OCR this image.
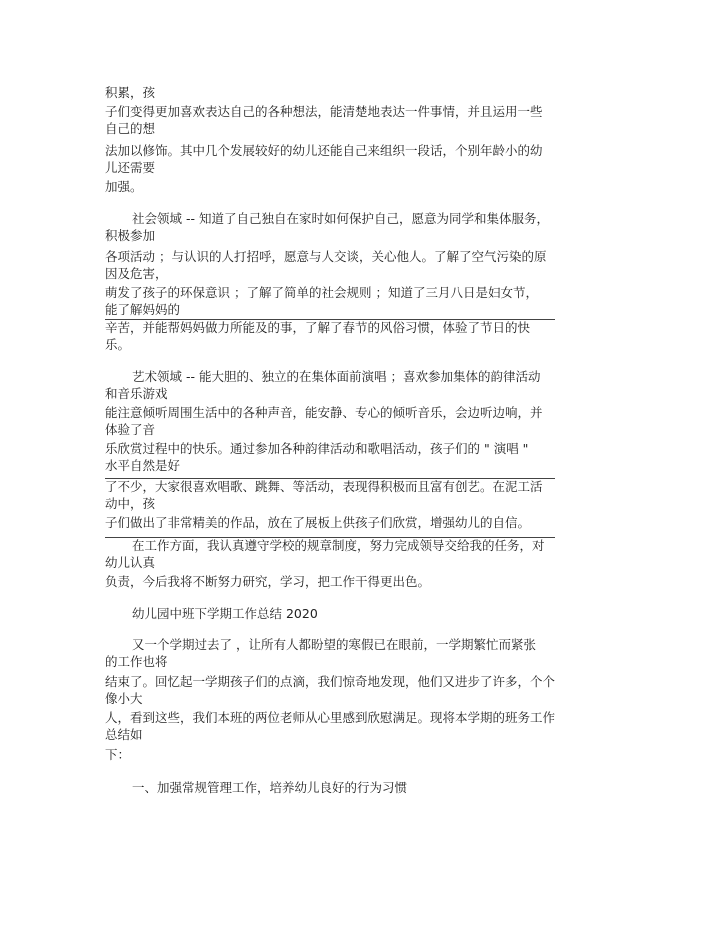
积累，孩
子们变得更加喜欢表达自己的各种想法，能清楚地表达一件事情，并且运用一些
自己的想
法加以修饰。其中几个发展较好的幼儿还能自己来组织一段话，个别年龄小的幼
儿还需要
加强。
社会领域 -- 知道了自己独自在家时如何保护自己，愿意为同学和集体服务，
积极参加
各项活动 ；与认识的人打招呼，愿意与人交谈，关心他人。了解了空气污染的原
因及危害，
萌发了孩子的环保意识 ；了解了简单的社会规则 ；知道了三月八日是妇女节，
能了解妈妈的
辛苦，并能帮妈妈做力所能及的事，了解了春节的风俗习惯，体验了节日的快
乐。
艺术领域 -- 能大胆的、独立的在集体面前演唱 ；喜欢参加集体的韵律活动
和音乐游戏
能注意倾听周围生活中的各种声音，能安静、专心的倾听音乐，会边听边响，并
体验了音
乐欣赏过程中的快乐。通过参加各种韵律活动和歌唱活动，孩子们的 " 演唱 "
水平自然是好
了不少，大家很喜欢唱歌、跳舞、等活动，表现得积极而且富有创艺。在泥工活
动中，孩
子们做出了非常精美的作品，放在了展板上供孩子们欣赏，增强幼儿的自信。
在工作方面，我认真遵守学校的规章制度，努力完成领导交给我的任务，对
幼儿认真
负责，今后我将不断努力研究，学习，把工作干得更出色。
幼儿园中班下学期工作总结 2020
又一个学期过去了 ，让所有人都盼望的寒假已在眼前，一学期繁忙而紧张
的工作也将
结束了。回忆起一学期孩子们的点滴，我们惊奇地发现，他们又进步了许多，个个
像小大
人，看到这些，我们本班的两位老师从心里感到欣慰满足。现将本学期的班务工作
总结如
下：
一、加强常规管理工作，培养幼儿良好的行为习惯
